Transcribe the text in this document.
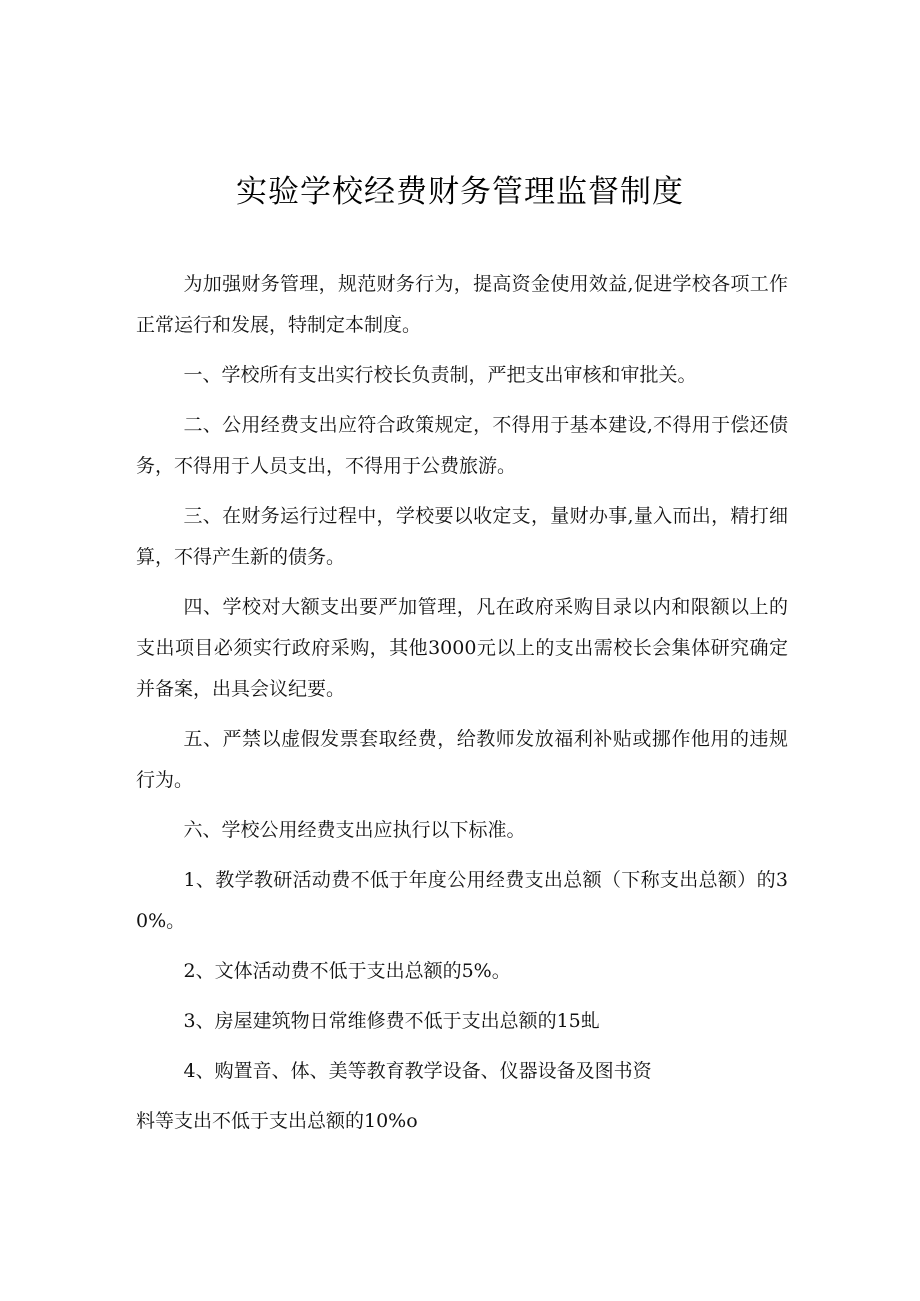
实验学校经费财务管理监督制度

为加强财务管理，规范财务行为，提高资金使用效益,促进学校各项工作正常运行和发展，特制定本制度。

一、学校所有支出实行校长负责制，严把支出审核和审批关。

二、公用经费支出应符合政策规定，不得用于基本建设,不得用于偿还债务，不得用于人员支出，不得用于公费旅游。

三、在财务运行过程中，学校要以收定支，量财办事,量入而出，精打细算，不得产生新的债务。

四、学校对大额支出要严加管理，凡在政府采购目录以内和限额以上的支出项目必须实行政府采购，其他3000元以上的支出需校长会集体研究确定并备案，出具会议纪要。

五、严禁以虚假发票套取经费，给教师发放福利补贴或挪作他用的违规行为。

六、学校公用经费支出应执行以下标准。

1、教学教研活动费不低于年度公用经费支出总额（下称支出总额）的30%。

2、文体活动费不低于支出总额的5%。

3、房屋建筑物日常维修费不低于支出总额的15虬

4、购置音、体、美等教育教学设备、仪器设备及图书资

料等支出不低于支出总额的10%o
